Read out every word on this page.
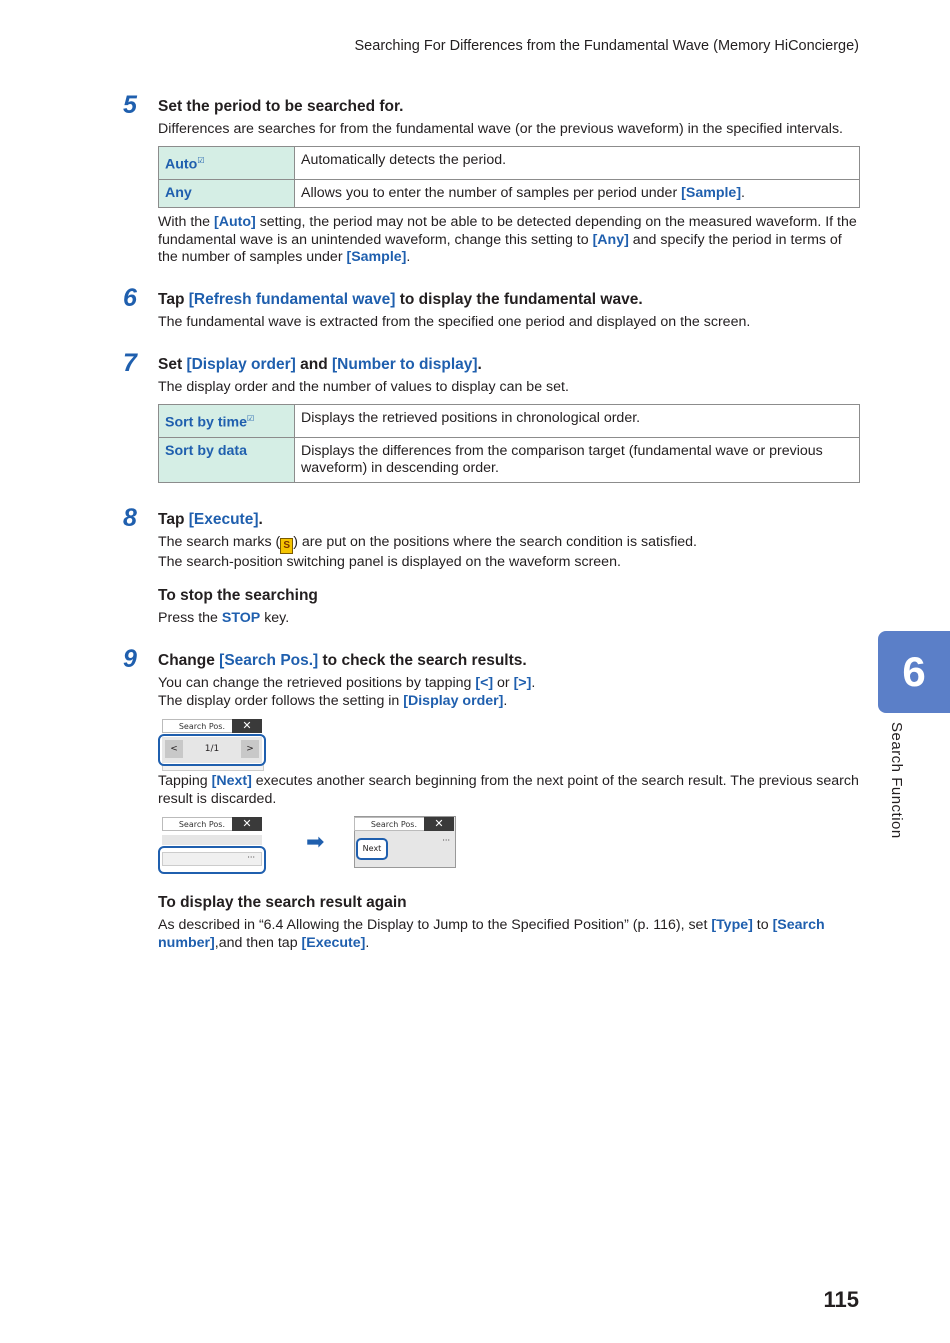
Searching For Differences from the Fundamental Wave (Memory HiConcierge)
5 Set the period to be searched for.
Differences are searches for from the fundamental wave (or the previous waveform) in the specified intervals.
Auto☑	Automatically detects the period.
Any	Allows you to enter the number of samples per period under [Sample].
With the [Auto] setting, the period may not be able to be detected depending on the measured waveform. If the fundamental wave is an unintended waveform, change this setting to [Any] and specify the period in terms of the number of samples under [Sample].
6 Tap [Refresh fundamental wave] to display the fundamental wave.
The fundamental wave is extracted from the specified one period and displayed on the screen.
7 Set [Display order] and [Number to display].
The display order and the number of values to display can be set.
Sort by time☑	Displays the retrieved positions in chronological order.
Sort by data	Displays the differences from the comparison target (fundamental wave or previous waveform) in descending order.
8 Tap [Execute].
The search marks ( S ) are put on the positions where the search condition is satisfied.
The search-position switching panel is displayed on the waveform screen.
To stop the searching
Press the STOP key.
9 Change [Search Pos.] to check the search results.
You can change the retrieved positions by tapping [<] or [>].
The display order follows the setting in [Display order].
Search Pos.	✕
<	1/1	>
Tapping [Next] executes another search beginning from the next point of the search result. The previous search result is discarded.
Search Pos.	✕
···
➡
Search Pos.	✕
···
Next
To display the search result again
As described in “6.4 Allowing the Display to Jump to the Specified Position” (p. 116), set [Type] to [Search number],and then tap [Execute].
6
Search Function
115
